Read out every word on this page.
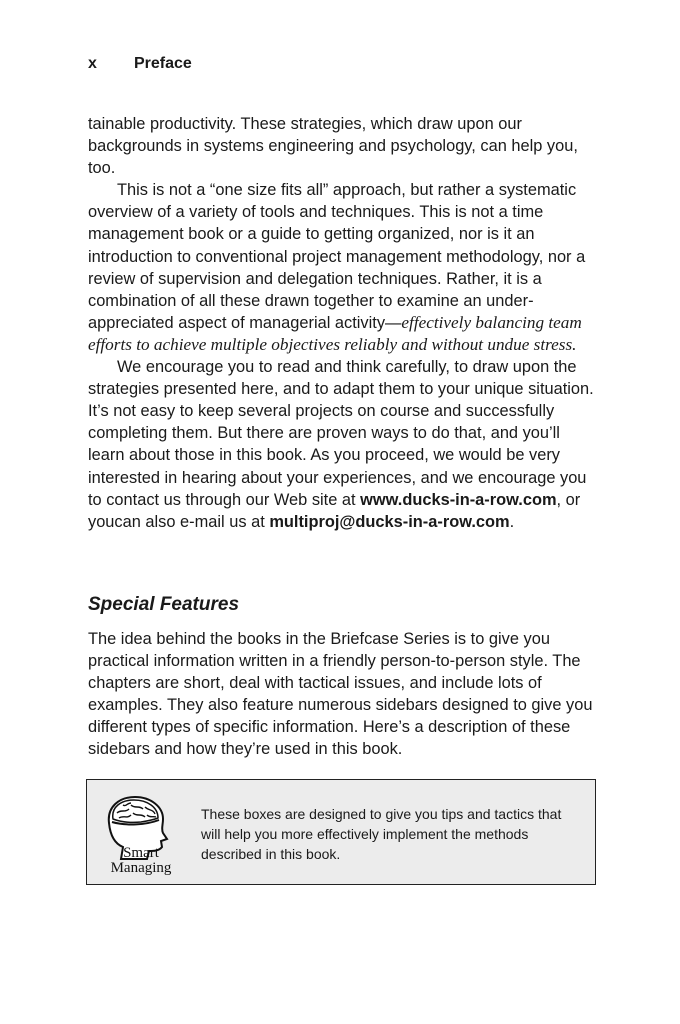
x Preface

tainable productivity. These strategies, which draw upon our backgrounds in systems engineering and psychology, can help you, too.

This is not a “one size fits all” approach, but rather a systematic overview of a variety of tools and techniques. This is not a time management book or a guide to getting organized, nor is it an introduction to conventional project management methodology, nor a review of supervision and delegation techniques. Rather, it is a combination of all these drawn together to examine an under-appreciated aspect of managerial activity—effectively balancing team efforts to achieve multiple objectives reliably and without undue stress.

We encourage you to read and think carefully, to draw upon the strategies presented here, and to adapt them to your unique situation. It’s not easy to keep several projects on course and successfully completing them. But there are proven ways to do that, and you’ll learn about those in this book. As you proceed, we would be very interested in hearing about your experiences, and we encourage you to contact us through our Web site at www.ducks-in-a-row.com, or youcan also e-mail us at multiproj@ducks-in-a-row.com.

Special Features

The idea behind the books in the Briefcase Series is to give you practical information written in a friendly person-to-person style. The chapters are short, deal with tactical issues, and include lots of examples. They also feature numerous sidebars designed to give you different types of specific information. Here’s a description of these sidebars and how they’re used in this book.

Smart
Managing
These boxes are designed to give you tips and tactics that will help you more effectively implement the methods described in this book.
